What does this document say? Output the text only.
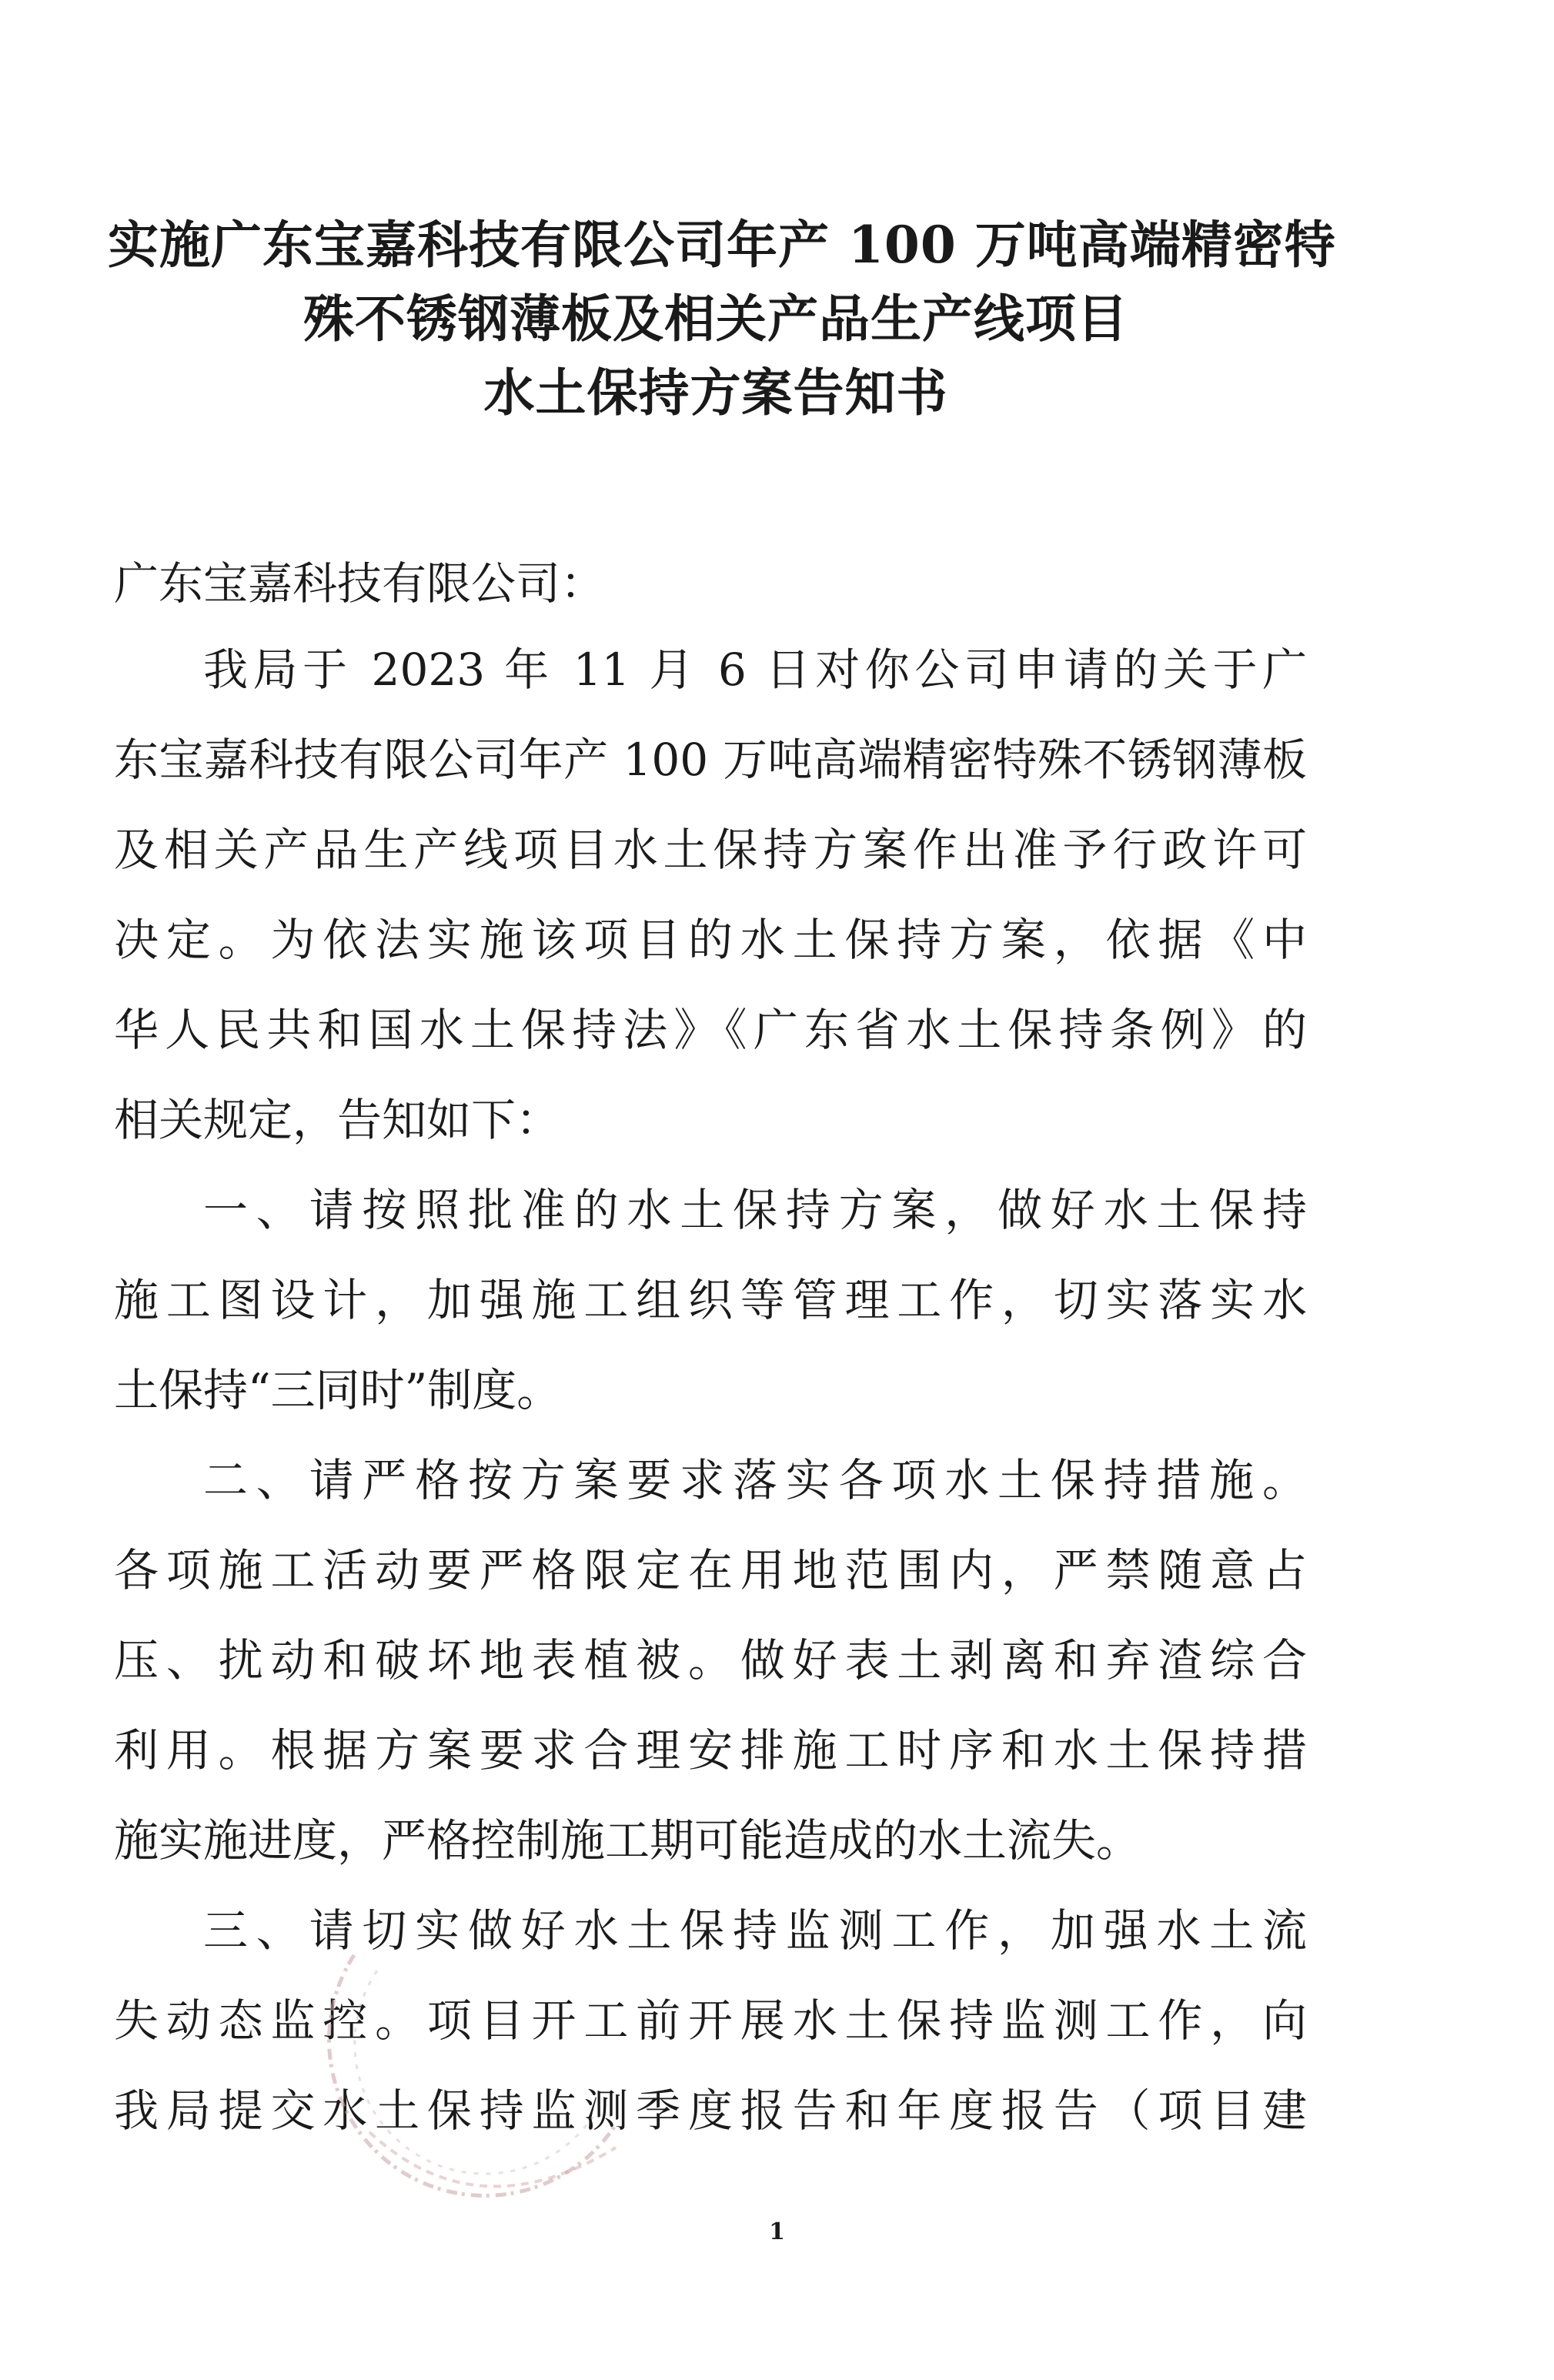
实施广东宝嘉科技有限公司年产 100 万吨高端精密特
殊不锈钢薄板及相关产品生产线项目
水土保持方案告知书
广东宝嘉科技有限公司：
我局于 2023 年 11 月 6 日对你公司申请的关于广
东宝嘉科技有限公司年产 100 万吨高端精密特殊不锈钢薄板
及相关产品生产线项目水土保持方案作出准予行政许可
决定。为依法实施该项目的水土保持方案，依据《中
华人民共和国水土保持法》《广东省水土保持条例》的
相关规定，告知如下：
一、请按照批准的水土保持方案，做好水土保持
施工图设计，加强施工组织等管理工作，切实落实水
土保持“三同时”制度。
二、请严格按方案要求落实各项水土保持措施。
各项施工活动要严格限定在用地范围内，严禁随意占
压、扰动和破坏地表植被。做好表土剥离和弃渣综合
利用。根据方案要求合理安排施工时序和水土保持措
施实施进度，严格控制施工期可能造成的水土流失。
三、请切实做好水土保持监测工作，加强水土流
失动态监控。项目开工前开展水土保持监测工作，向
我局提交水土保持监测季度报告和年度报告（项目建
1
